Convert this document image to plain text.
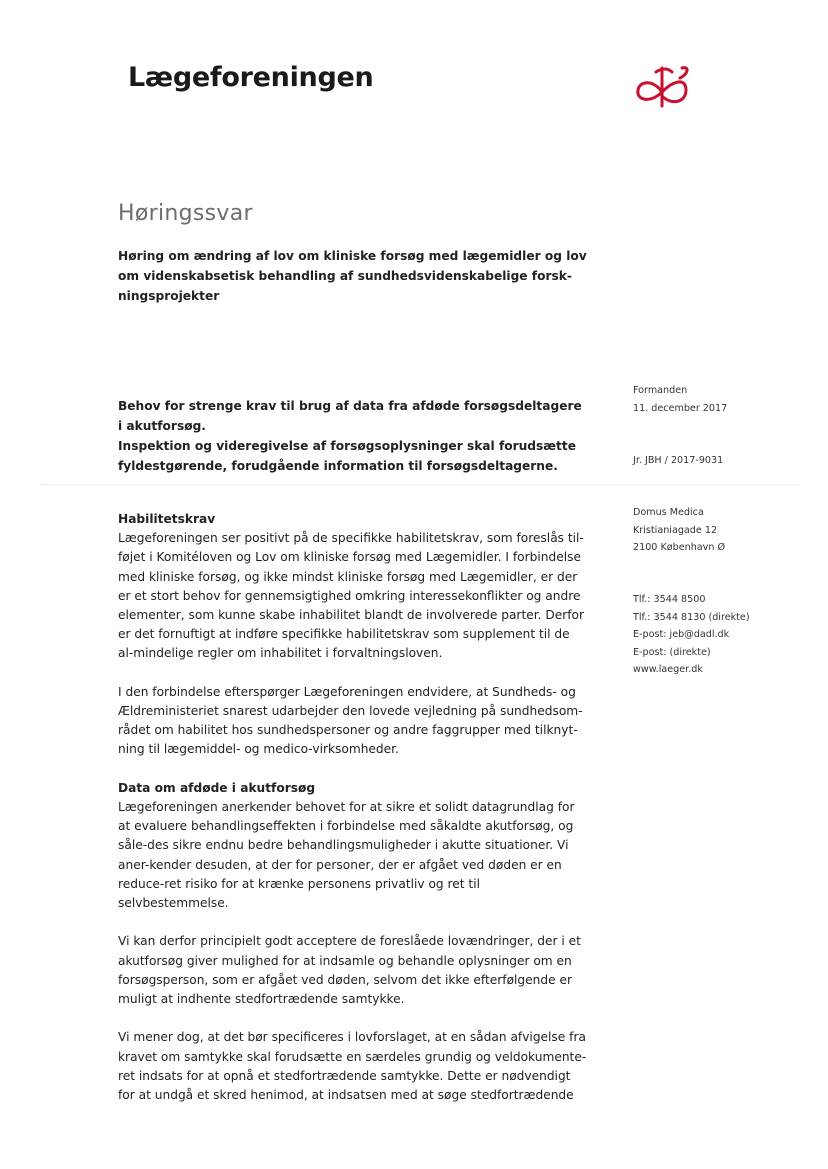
Lægeforeningen
Høringssvar
Høring om ændring af lov om kliniske forsøg med lægemidler og lov om videnskabsetisk behandling af sundhedsvidenskabelige forsk-ningsprojekter

Behov for strenge krav til brug af data fra afdøde forsøgsdeltagere i akutforsøg.

Inspektion og videregivelse af forsøgsoplysninger skal forudsætte fyldestgørende, forudgående information til forsøgsdeltagerne.

Habilitetskrav

Lægeforeningen ser positivt på de specifikke habilitetskrav, som foreslås til-føjet i Komitéloven og Lov om kliniske forsøg med Lægemidler. I forbindelse med kliniske forsøg, og ikke mindst kliniske forsøg med Lægemidler, er der er et stort behov for gennemsigtighed omkring interessekonflikter og andre elementer, som kunne skabe inhabilitet blandt de involverede parter. Derfor er det fornuftigt at indføre specifikke habilitetskrav som supplement til de al-mindelige regler om inhabilitet i forvaltningsloven.

I den forbindelse efterspørger Lægeforeningen endvidere, at Sundheds- og Ældreministeriet snarest udarbejder den lovede vejledning på sundhedsom-rådet om habilitet hos sundhedspersoner og andre faggrupper med tilknyt-ning til lægemiddel- og medico-virksomheder.

Data om afdøde i akutforsøg

Lægeforeningen anerkender behovet for at sikre et solidt datagrundlag for at evaluere behandlingseffekten i forbindelse med såkaldte akutforsøg, og såle-des sikre endnu bedre behandlingsmuligheder i akutte situationer. Vi aner-kender desuden, at der for personer, der er afgået ved døden er en reduce-ret risiko for at krænke personens privatliv og ret til selvbestemmelse.

Vi kan derfor principielt godt acceptere de foreslåede lovændringer, der i et akutforsøg giver mulighed for at indsamle og behandle oplysninger om en forsøgsperson, som er afgået ved døden, selvom det ikke efterfølgende er muligt at indhente stedfortrædende samtykke.

Vi mener dog, at det bør specificeres i lovforslaget, at en sådan afvigelse fra kravet om samtykke skal forudsætte en særdeles grundig og veldokumente-ret indsats for at opnå et stedfortrædende samtykke. Dette er nødvendigt for at undgå et skred henimod, at indsatsen med at søge stedfortrædende

Formanden
11. december 2017
Jr. JBH / 2017-9031
Domus Medica
Kristianiagade 12
2100 København Ø
Tlf.: 3544 8500
Tlf.: 3544 8130 (direkte)
E-post: jeb@dadl.dk
E-post: (direkte)
www.laeger.dk
